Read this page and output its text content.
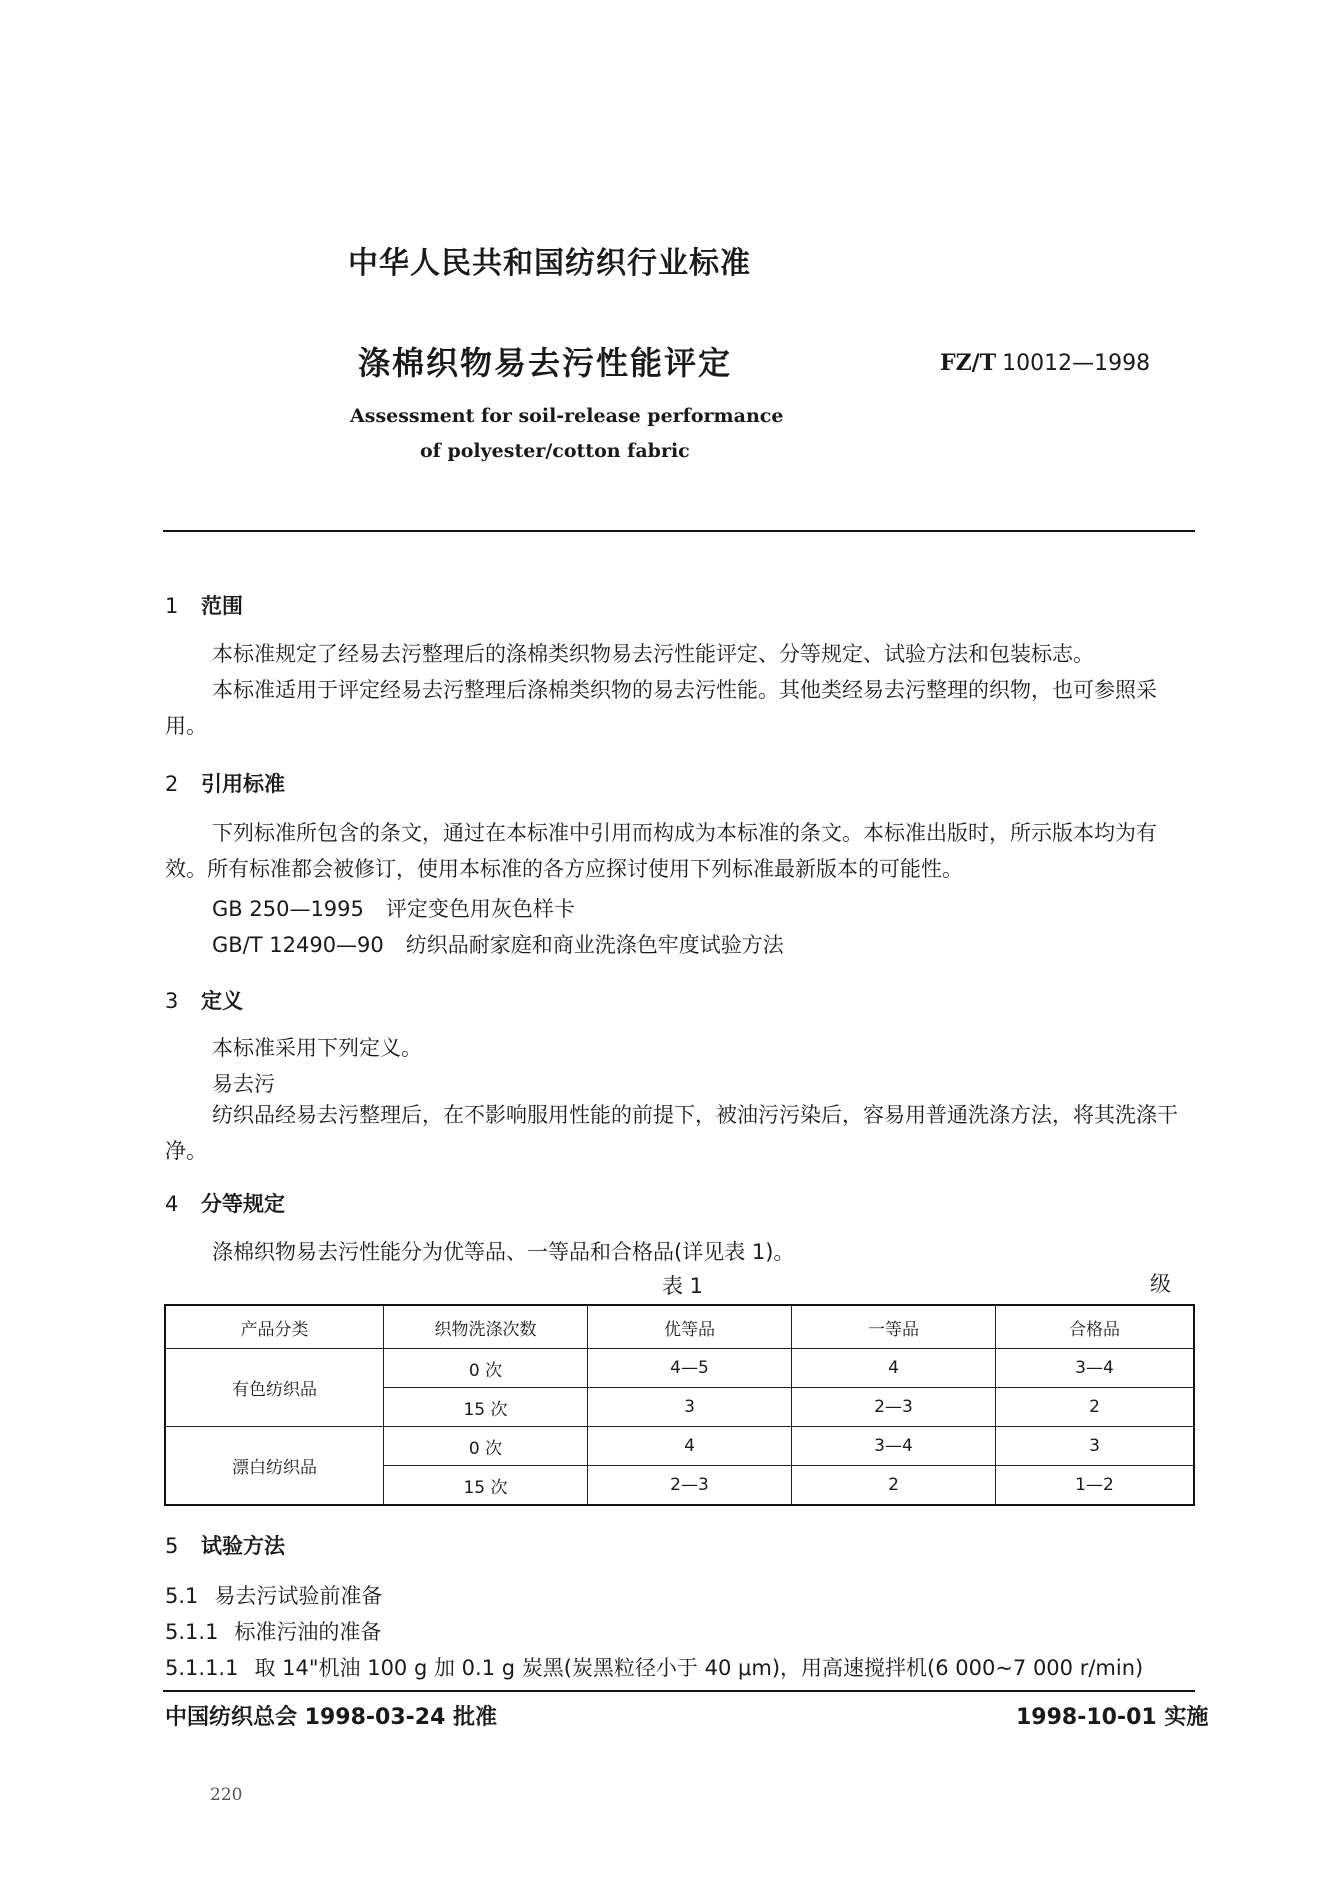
中华人民共和国纺织行业标准
涤棉织物易去污性能评定	FZ/T 10012—1998
Assessment for soil-release performance
of polyester/cotton fabric
1 范围
本标准规定了经易去污整理后的涤棉类织物易去污性能评定、分等规定、试验方法和包装标志。
本标准适用于评定经易去污整理后涤棉类织物的易去污性能。其他类经易去污整理的织物，也可参照采用。
2 引用标准
下列标准所包含的条文，通过在本标准中引用而构成为本标准的条文。本标准出版时，所示版本均为有效。所有标准都会被修订，使用本标准的各方应探讨使用下列标准最新版本的可能性。
GB 250—1995 评定变色用灰色样卡
GB/T 12490—90 纺织品耐家庭和商业洗涤色牢度试验方法
3 定义
本标准采用下列定义。
易去污
纺织品经易去污整理后，在不影响服用性能的前提下，被油污污染后，容易用普通洗涤方法，将其洗涤干净。
4 分等规定
涤棉织物易去污性能分为优等品、一等品和合格品(详见表 1)。
表 1	级
产品分类	织物洗涤次数	优等品	一等品	合格品
有色纺织品	0 次	4—5	4	3—4
	15 次	3	2—3	2
漂白纺织品	0 次	4	3—4	3
	15 次	2—3	2	1—2
5 试验方法
5.1 易去污试验前准备
5.1.1 标准污油的准备
5.1.1.1 取 14"机油 100 g 加 0.1 g 炭黑(炭黑粒径小于 40 μm)，用高速搅拌机(6 000~7 000 r/min)
中国纺织总会 1998-03-24 批准	1998-10-01 实施
220
